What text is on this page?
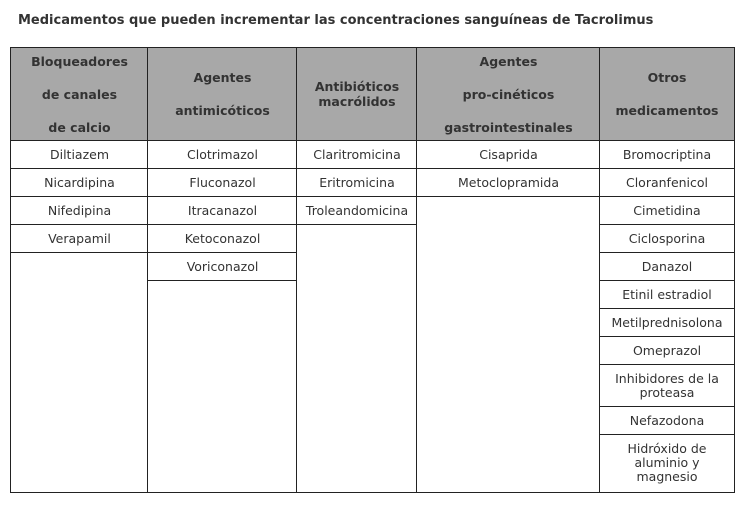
Medicamentos que pueden incrementar las concentraciones sanguíneas de Tacrolimus
Bloqueadores
de canales
de calcio
Diltiazem
Nicardipina
Nifedipina
Verapamil
Agentes
antimicóticos
Clotrimazol
Fluconazol
Itracanazol
Ketoconazol
Voriconazol
Antibióticos
macrólidos
Claritromicina
Eritromicina
Troleandomicina
Agentes
pro-cinéticos
gastrointestinales
Cisaprida
Metoclopramida
Otros
medicamentos
Bromocriptina
Cloranfenicol
Cimetidina
Ciclosporina
Danazol
Etinil estradiol
Metilprednisolona
Omeprazol
Inhibidores de la proteasa
Nefazodona
Hidróxido de aluminio y magnesio
